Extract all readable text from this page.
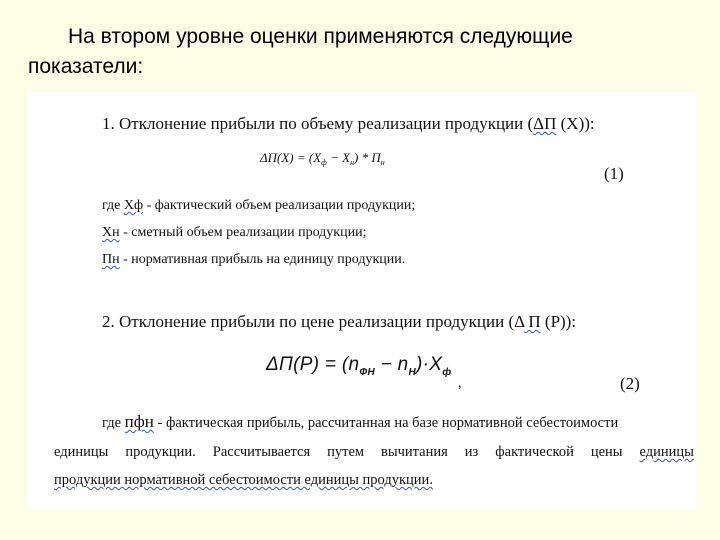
На втором уровне оценки применяются следующие показатели:

1. Отклонение прибыли по объему реализации продукции (ΔП (Х)):
$\Delta П(Х) = (Х_ф - Х_н) * П_н$
(1)
где Хф - фактический объем реализации продукции;
Хн - сметный объем реализации продукции;
Пн - нормативная прибыль на единицу продукции.
2. Отклонение прибыли по цене реализации продукции (Δ П (Р)):
$\Delta П(Р) = (n_{ФН} - n_Н)\cdot Х_ф$
,	(2)
где пфн - фактическая прибыль, рассчитанная на базе нормативной себестоимости
единицы продукции. Рассчитывается путем вычитания из фактической цены единицы
продукции нормативной себестоимости единицы продукции.
